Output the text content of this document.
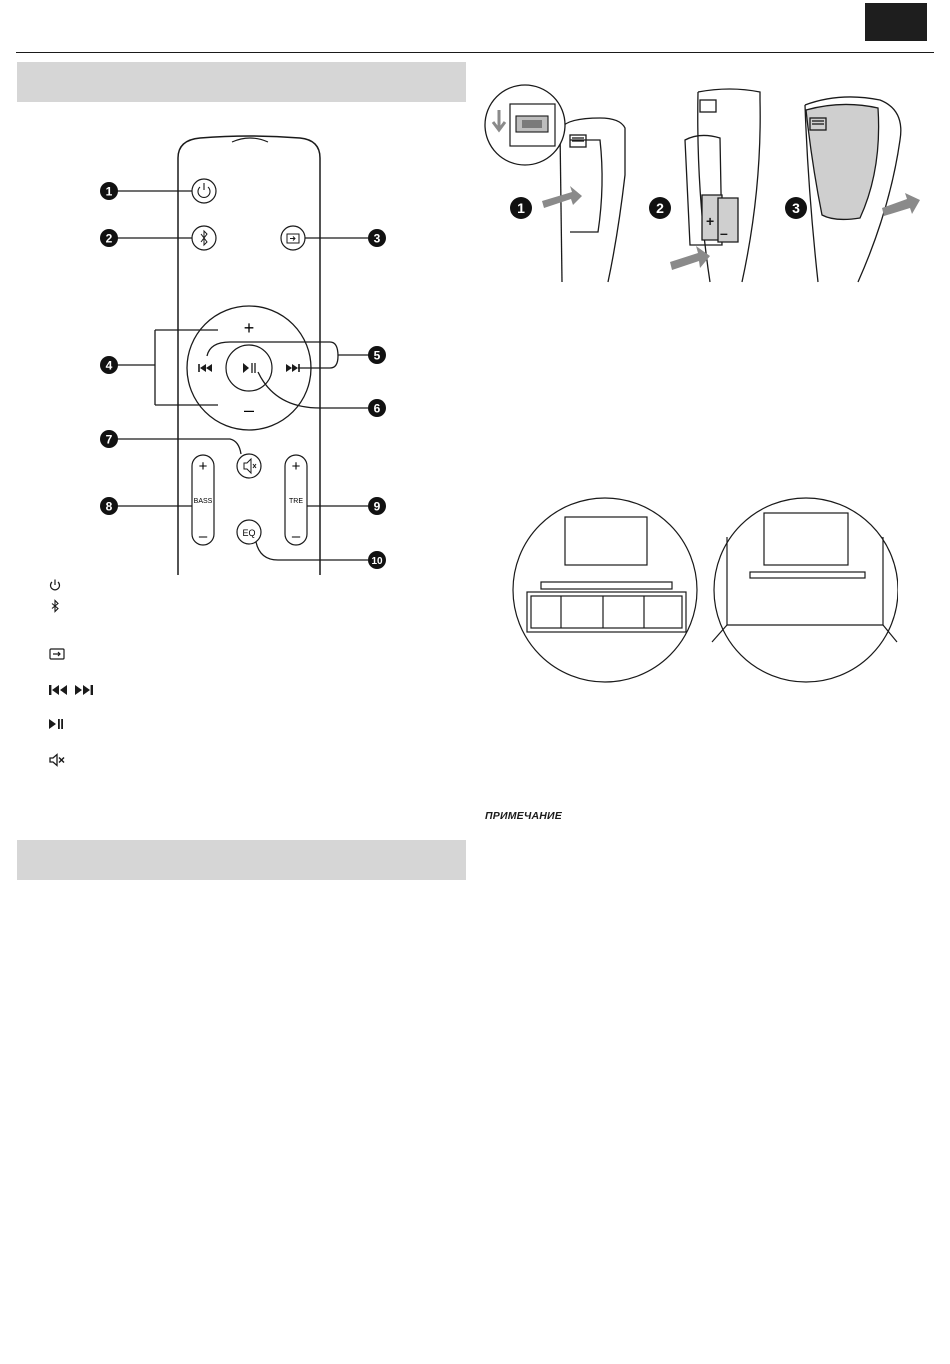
+
–
+
BASS
–
+
TRE
–
EQ
1
2	3
4
5
6
7
8	9
10
1
+
–
2	3
ПРИМЕЧАНИЕ
